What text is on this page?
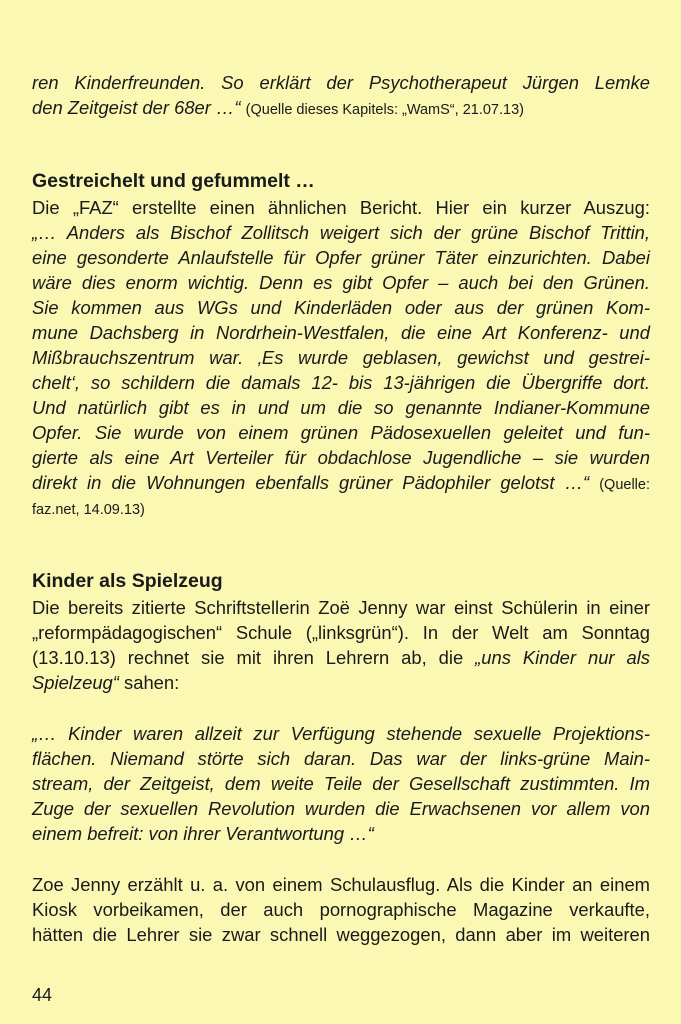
ren Kinderfreunden. So erklärt der Psychotherapeut Jürgen Lemke
den Zeitgeist der 68er …“ (Quelle dieses Kapitels: „WamS“, 21.07.13)

Gestreichelt und gefummelt …

Die „FAZ“ erstellte einen ähnlichen Bericht. Hier ein kurzer Auszug:
„… Anders als Bischof Zollitsch weigert sich der grüne Bischof Trittin,
eine gesonderte Anlaufstelle für Opfer grüner Täter einzurichten. Dabei
wäre dies enorm wichtig. Denn es gibt Opfer – auch bei den Grünen.
Sie kommen aus WGs und Kinderläden oder aus der grünen Kom-
mune Dachsberg in Nordrhein-Westfalen, die eine Art Konferenz- und
Mißbrauchszentrum war. ‚Es wurde geblasen, gewichst und gestrei-
chelt‘, so schildern die damals 12- bis 13-jährigen die Übergriffe dort.
Und natürlich gibt es in und um die so genannte Indianer-Kommune
Opfer. Sie wurde von einem grünen Pädosexuellen geleitet und fun-
gierte als eine Art Verteiler für obdachlose Jugendliche – sie wurden
direkt in die Wohnungen ebenfalls grüner Pädophiler gelotst …“ (Quelle:
faz.net, 14.09.13)

Kinder als Spielzeug

Die bereits zitierte Schriftstellerin Zoë Jenny war einst Schülerin in einer
„reformpädagogischen“ Schule („linksgrün“). In der Welt am Sonntag
(13.10.13) rechnet sie mit ihren Lehrern ab, die „uns Kinder nur als
Spielzeug“ sahen:

„… Kinder waren allzeit zur Verfügung stehende sexuelle Projektions-
flächen. Niemand störte sich daran. Das war der links-grüne Main-
stream, der Zeitgeist, dem weite Teile der Gesellschaft zustimmten. Im
Zuge der sexuellen Revolution wurden die Erwachsenen vor allem von
einem befreit: von ihrer Verantwortung …“

Zoe Jenny erzählt u. a. von einem Schulausflug. Als die Kinder an einem
Kiosk vorbeikamen, der auch pornographische Magazine verkaufte,
hätten die Lehrer sie zwar schnell weggezogen, dann aber im weiteren

44
